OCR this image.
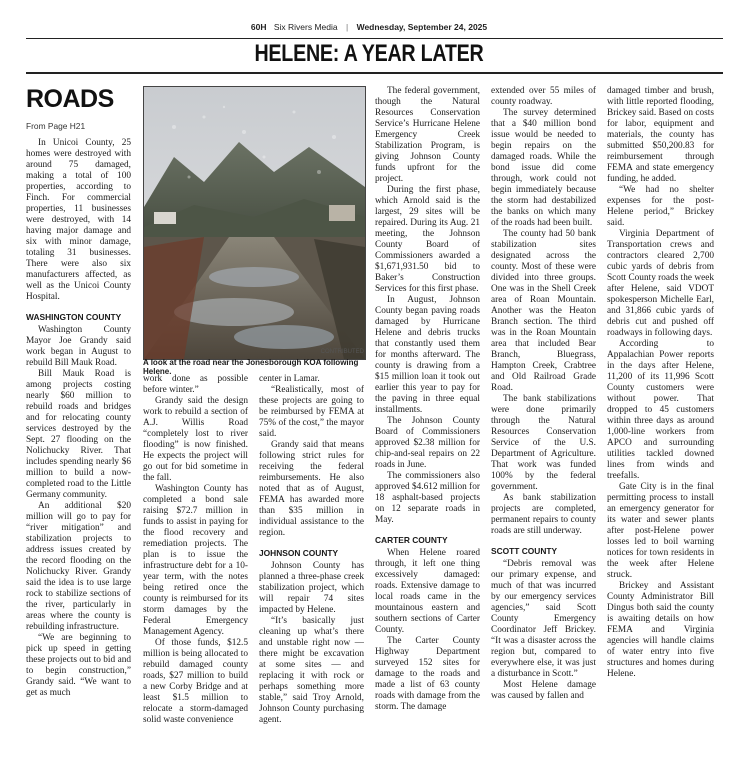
60H Six Rivers Media | Wednesday, September 24, 2025
HELENE: A YEAR LATER
ROADS
From Page H21

In Unicoi County, 25 homes were destroyed with around 75 damaged, making a total of 100 properties, according to Finch. For commercial properties, 11 businesses were destroyed, with 14 having major damage and six with minor damage, totaling 31 businesses. There were also six manufacturers affected, as well as the Unicoi County Hospital.

WASHINGTON COUNTY

Washington County Mayor Joe Grandy said work began in August to rebuild Bill Mauk Road.

Bill Mauk Road is among projects costing nearly $60 million to rebuild roads and bridges and for relocating county services destroyed by the Sept. 27 flooding on the Nolichucky River. That includes spending nearly $6 million to build a now-completed road to the Little Germany community.

An additional $20 million will go to pay for “river mitigation” and stabilization projects to address issues created by the record flooding on the Nolichucky River. Grandy said the idea is to use large rock to stabilize sections of the river, particularly in areas where the county is rebuilding infrastructure.

“We are beginning to pick up speed in getting these projects out to bid and to begin construction,” Grandy said. “We want to get as much

CONTRIBUTED
A look at the road near the Jonesborough KOA following Helene.

work done as possible before winter.”

Grandy said the design work to rebuild a section of A.J. Willis Road “completely lost to river flooding” is now finished. He expects the project will go out for bid sometime in the fall.

Washington County has completed a bond sale raising $72.7 million in funds to assist in paying for the flood recovery and remediation projects. The plan is to issue the infrastructure debt for a 10-year term, with the notes being retired once the county is reimbursed for its storm damages by the Federal Emergency Management Agency.

Of those funds, $12.5 million is being allocated to rebuild damaged county roads, $27 million to build a new Corby Bridge and at least $1.5 million to relocate a storm-damaged solid waste convenience

center in Lamar.

“Realistically, most of these projects are going to be reimbursed by FEMA at 75% of the cost,” the mayor said.

Grandy said that means following strict rules for receiving the federal reimbursements. He also noted that as of August, FEMA has awarded more than $35 million in individual assistance to the region.

JOHNSON COUNTY

Johnson County has planned a three-phase creek stabilization project, which will repair 74 sites impacted by Helene.

“It’s basically just cleaning up what’s there and unstable right now — there might be excavation at some sites — and replacing it with rock or perhaps something more stable,” said Troy Arnold, Johnson County purchasing agent.

The federal government, though the Natural Resources Conservation Service’s Hurricane Helene Emergency Creek Stabilization Program, is giving Johnson County funds upfront for the project.

During the first phase, which Arnold said is the largest, 29 sites will be repaired. During its Aug. 21 meeting, the Johnson County Board of Commissioners awarded a $1,671,931.50 bid to Baker’s Construction Services for this first phase.

In August, Johnson County began paving roads damaged by Hurricane Helene and debris trucks that constantly used them for months afterward. The county is drawing from a $15 million loan it took out earlier this year to pay for the paving in three equal installments.

The Johnson County Board of Commissioners approved $2.38 million for chip-and-seal repairs on 22 roads in June.

The commissioners also approved $4.612 million for 18 asphalt-based projects on 12 separate roads in May.

CARTER COUNTY

When Helene roared through, it left one thing excessively damaged: roads. Extensive damage to local roads came in the mountainous eastern and southern sections of Carter County.

The Carter County Highway Department surveyed 152 sites for damage to the roads and made a list of 63 county roads with damage from the storm. The damage

extended over 55 miles of county roadway.

The survey determined that a $40 million bond issue would be needed to begin repairs on the damaged roads. While the bond issue did come through, work could not begin immediately because the storm had destabilized the banks on which many of the roads had been built.

The county had 50 bank stabilization sites designated across the county. Most of these were divided into three groups. One was in the Shell Creek area of Roan Mountain. Another was the Heaton Branch section. The third was in the Roan Mountain area that included Bear Branch, Bluegrass, Hampton Creek, Crabtree and Old Railroad Grade Road.

The bank stabilizations were done primarily through the Natural Resources Conservation Service of the U.S. Department of Agriculture. That work was funded 100% by the federal government.

As bank stabilization projects are completed, permanent repairs to county roads are still underway.

SCOTT COUNTY

“Debris removal was our primary expense, and much of that was incurred by our emergency services agencies,” said Scott County Emergency Coordinator Jeff Brickey. “It was a disaster across the region but, compared to everywhere else, it was just a disturbance in Scott.”

Most Helene damage was caused by fallen and

damaged timber and brush, with little reported flooding, Brickey said. Based on costs for labor, equipment and materials, the county has submitted $50,200.83 for reimbursement through FEMA and state emergency funding, he added.

“We had no shelter expenses for the post-Helene period,” Brickey said.

Virginia Department of Transportation crews and contractors cleared 2,700 cubic yards of debris from Scott County roads the week after Helene, said VDOT spokesperson Michelle Earl, and 31,866 cubic yards of debris cut and pushed off roadways in following days.

According to Appalachian Power reports in the days after Helene, 11,200 of its 11,996 Scott County customers were without power. That dropped to 45 customers within three days as around 1,000-line workers from APCO and surrounding utilities tackled downed lines from winds and treefalls.

Gate City is in the final permitting process to install an emergency generator for its water and sewer plants after post-Helene power losses led to boil warning notices for town residents in the week after Helene struck.

Brickey and Assistant County Administrator Bill Dingus both said the county is awaiting details on how FEMA and Virginia agencies will handle claims of water entry into five structures and homes during Helene.
